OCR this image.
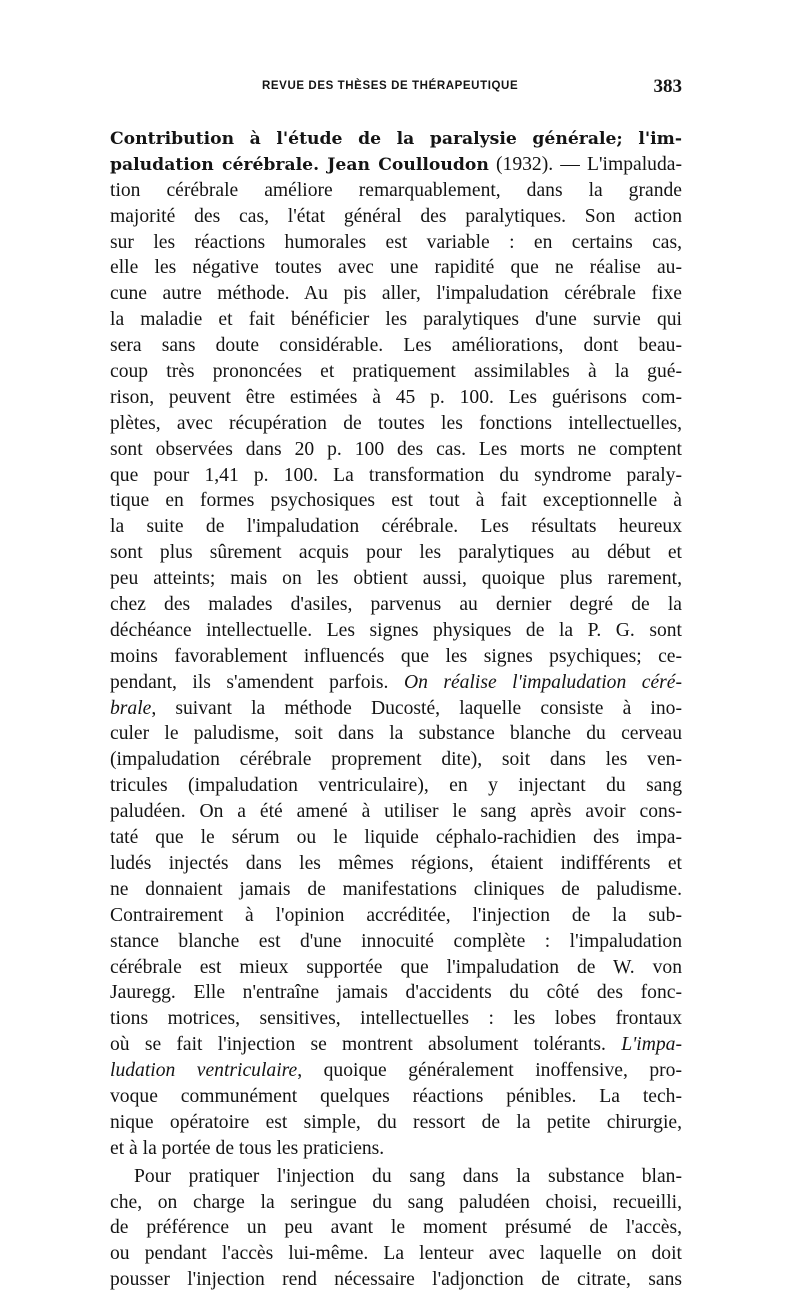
REVUE DES THÈSES DE THÉRAPEUTIQUE	383
Contribution à l'étude de la paralysie générale; l'im-
paludation cérébrale. Jean Coulloudon (1932). — L'impaluda-
tion cérébrale améliore remarquablement, dans la grande
majorité des cas, l'état général des paralytiques. Son action
sur les réactions humorales est variable : en certains cas,
elle les négative toutes avec une rapidité que ne réalise au-
cune autre méthode. Au pis aller, l'impaludation cérébrale fixe
la maladie et fait bénéficier les paralytiques d'une survie qui
sera sans doute considérable. Les améliorations, dont beau-
coup très prononcées et pratiquement assimilables à la gué-
rison, peuvent être estimées à 45 p. 100. Les guérisons com-
plètes, avec récupération de toutes les fonctions intellectuelles,
sont observées dans 20 p. 100 des cas. Les morts ne comptent
que pour 1,41 p. 100. La transformation du syndrome paraly-
tique en formes psychosiques est tout à fait exceptionnelle à
la suite de l'impaludation cérébrale. Les résultats heureux
sont plus sûrement acquis pour les paralytiques au début et
peu atteints; mais on les obtient aussi, quoique plus rarement,
chez des malades d'asiles, parvenus au dernier degré de la
déchéance intellectuelle. Les signes physiques de la P. G. sont
moins favorablement influencés que les signes psychiques; ce-
pendant, ils s'amendent parfois. On réalise l'impaludation céré-
brale, suivant la méthode Ducosté, laquelle consiste à ino-
culer le paludisme, soit dans la substance blanche du cerveau
(impaludation cérébrale proprement dite), soit dans les ven-
tricules (impaludation ventriculaire), en y injectant du sang
paludéen. On a été amené à utiliser le sang après avoir cons-
taté que le sérum ou le liquide céphalo-rachidien des impa-
ludés injectés dans les mêmes régions, étaient indifférents et
ne donnaient jamais de manifestations cliniques de paludisme.
Contrairement à l'opinion accréditée, l'injection de la sub-
stance blanche est d'une innocuité complète : l'impaludation
cérébrale est mieux supportée que l'impaludation de W. von
Jauregg. Elle n'entraîne jamais d'accidents du côté des fonc-
tions motrices, sensitives, intellectuelles : les lobes frontaux
où se fait l'injection se montrent absolument tolérants. L'impa-
ludation ventriculaire, quoique généralement inoffensive, pro-
voque communément quelques réactions pénibles. La tech-
nique opératoire est simple, du ressort de la petite chirurgie,
et à la portée de tous les praticiens.
Pour pratiquer l'injection du sang dans la substance blan-
che, on charge la seringue du sang paludéen choisi, recueilli,
de préférence un peu avant le moment présumé de l'accès,
ou pendant l'accès lui-même. La lenteur avec laquelle on doit
pousser l'injection rend nécessaire l'adjonction de citrate, sans
